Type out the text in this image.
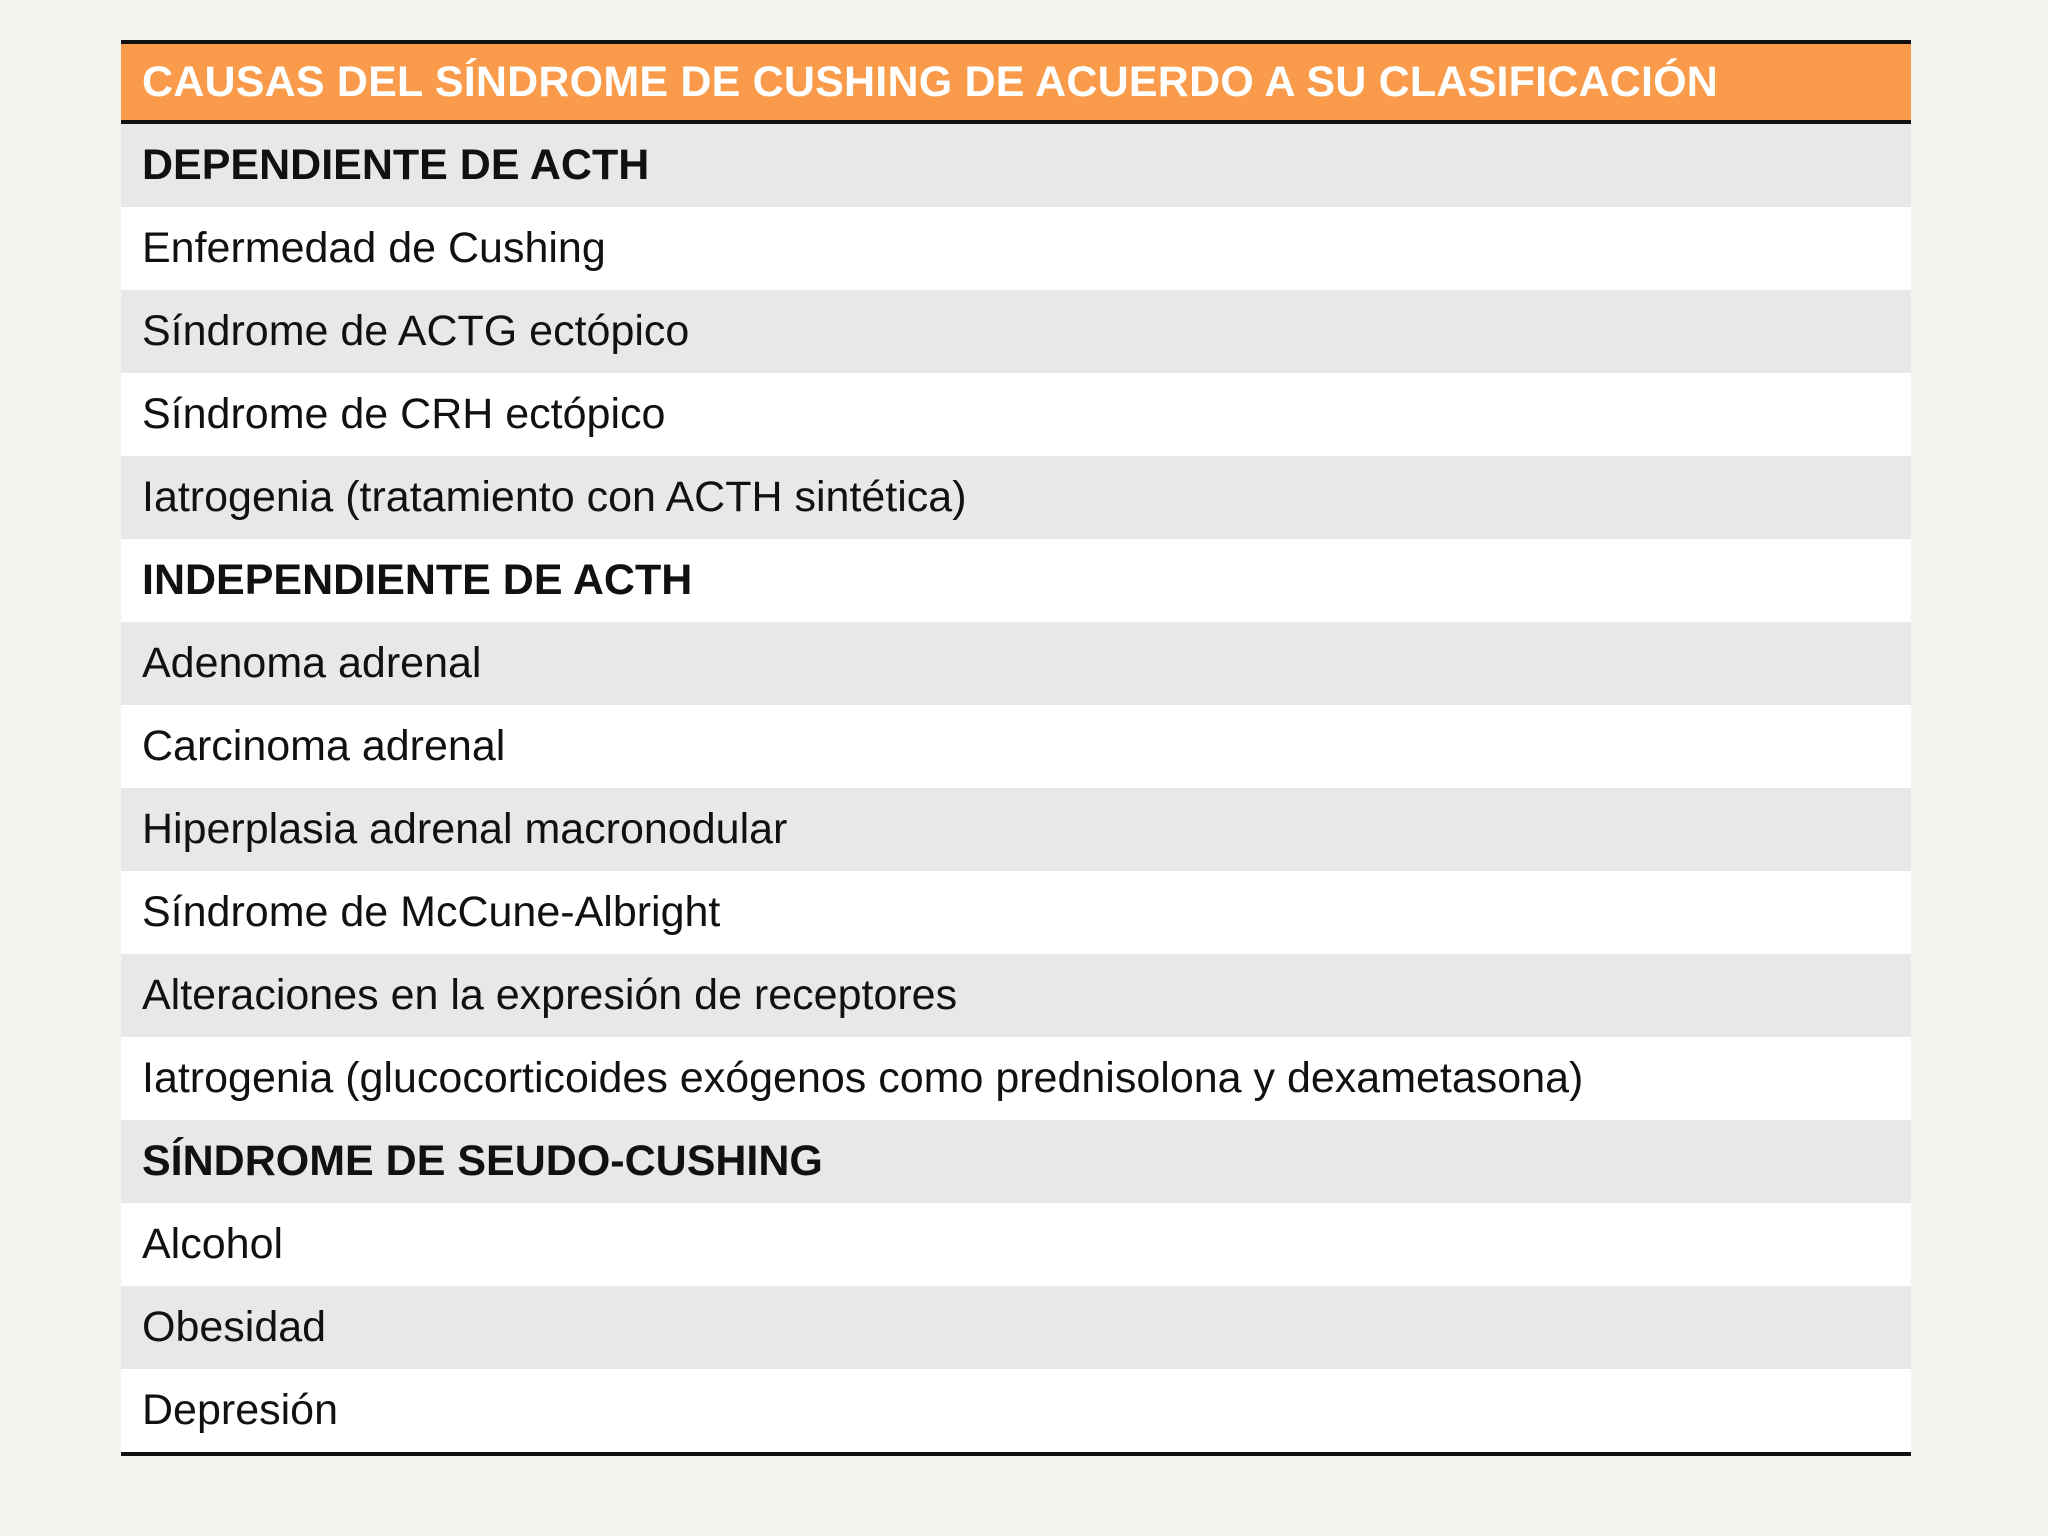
CAUSAS DEL SÍNDROME DE CUSHING DE ACUERDO A SU CLASIFICACIÓN
DEPENDIENTE DE ACTH
Enfermedad de Cushing
Síndrome de ACTG ectópico
Síndrome de CRH ectópico
Iatrogenia (tratamiento con ACTH sintética)
INDEPENDIENTE DE ACTH
Adenoma adrenal
Carcinoma adrenal
Hiperplasia adrenal macronodular
Síndrome de McCune-Albright
Alteraciones en la expresión de receptores
Iatrogenia (glucocorticoides exógenos como prednisolona y dexametasona)
SÍNDROME DE SEUDO-CUSHING
Alcohol
Obesidad
Depresión
